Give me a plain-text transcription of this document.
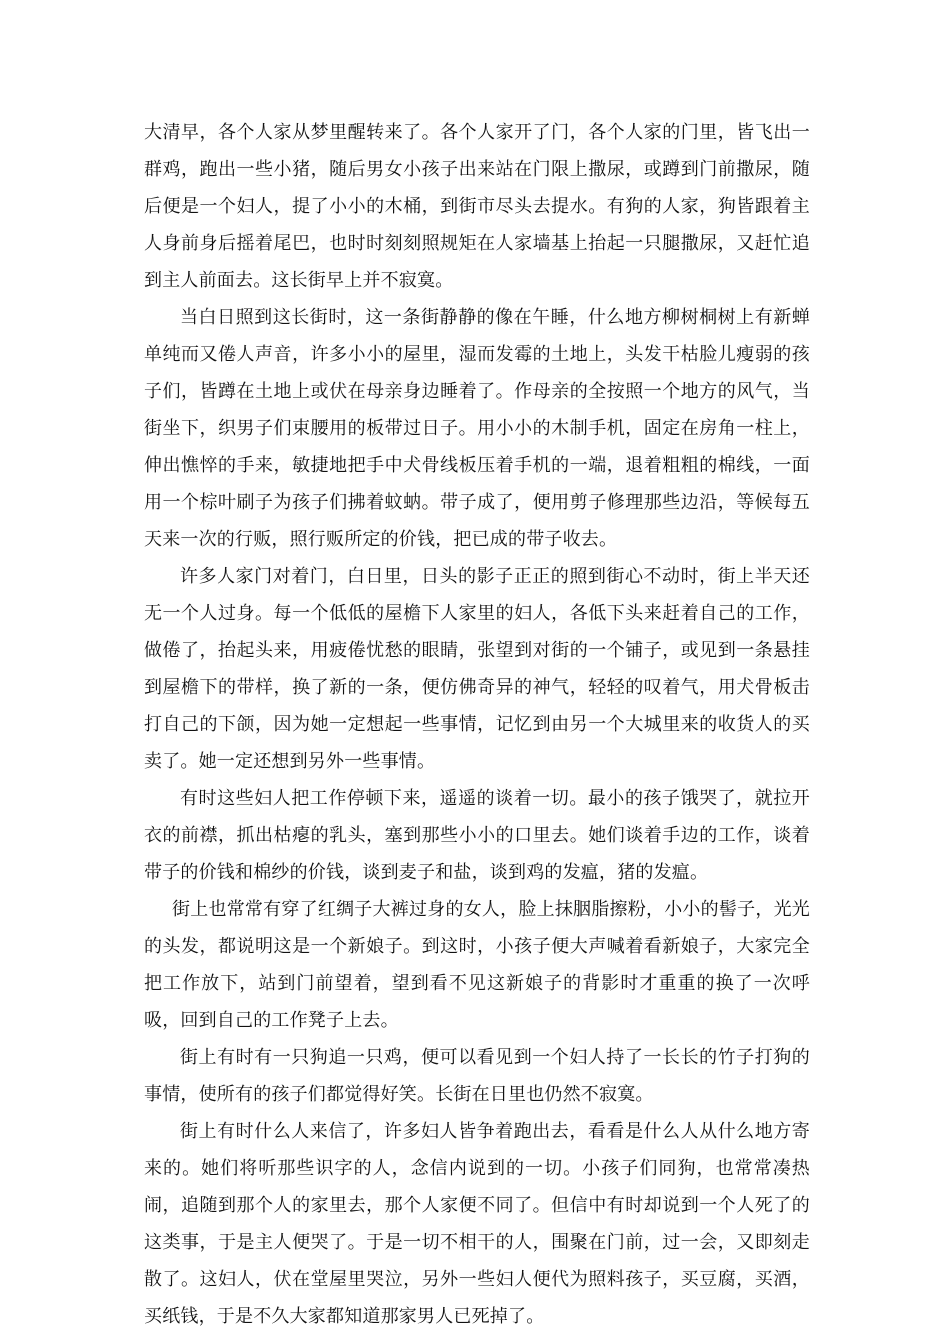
大清早，各个人家从梦里醒转来了。各个人家开了门，各个人家的门里，皆飞出一群鸡，跑出一些小猪，随后男女小孩子出来站在门限上撒尿，或蹲到门前撒尿，随后便是一个妇人，提了小小的木桶，到街市尽头去提水。有狗的人家，狗皆跟着主人身前身后摇着尾巴，也时时刻刻照规矩在人家墙基上抬起一只腿撒尿，又赶忙追到主人前面去。这长街早上并不寂寞。

当白日照到这长街时，这一条街静静的像在午睡，什么地方柳树桐树上有新蝉单纯而又倦人声音，许多小小的屋里，湿而发霉的土地上，头发干枯脸儿瘦弱的孩子们，皆蹲在土地上或伏在母亲身边睡着了。作母亲的全按照一个地方的风气，当街坐下，织男子们束腰用的板带过日子。用小小的木制手机，固定在房角一柱上，伸出憔悴的手来，敏捷地把手中犬骨线板压着手机的一端，退着粗粗的棉线，一面用一个棕叶刷子为孩子们拂着蚊蚋。带子成了，便用剪子修理那些边沿，等候每五天来一次的行贩，照行贩所定的价钱，把已成的带子收去。

许多人家门对着门，白日里，日头的影子正正的照到街心不动时，街上半天还无一个人过身。每一个低低的屋檐下人家里的妇人，各低下头来赶着自己的工作，做倦了，抬起头来，用疲倦忧愁的眼睛，张望到对街的一个铺子，或见到一条悬挂到屋檐下的带样，换了新的一条，便仿佛奇异的神气，轻轻的叹着气，用犬骨板击打自己的下颌，因为她一定想起一些事情，记忆到由另一个大城里来的收货人的买卖了。她一定还想到另外一些事情。

有时这些妇人把工作停顿下来，遥遥的谈着一切。最小的孩子饿哭了，就拉开衣的前襟，抓出枯瘪的乳头，塞到那些小小的口里去。她们谈着手边的工作，谈着带子的价钱和棉纱的价钱，谈到麦子和盐，谈到鸡的发瘟，猪的发瘟。

街上也常常有穿了红绸子大裤过身的女人，脸上抹胭脂擦粉，小小的髻子，光光的头发，都说明这是一个新娘子。到这时，小孩子便大声喊着看新娘子，大家完全把工作放下，站到门前望着，望到看不见这新娘子的背影时才重重的换了一次呼吸，回到自己的工作凳子上去。

街上有时有一只狗追一只鸡，便可以看见到一个妇人持了一长长的竹子打狗的事情，使所有的孩子们都觉得好笑。长街在日里也仍然不寂寞。

街上有时什么人来信了，许多妇人皆争着跑出去，看看是什么人从什么地方寄来的。她们将听那些识字的人，念信内说到的一切。小孩子们同狗，也常常凑热闹，追随到那个人的家里去，那个人家便不同了。但信中有时却说到一个人死了的这类事，于是主人便哭了。于是一切不相干的人，围聚在门前，过一会，又即刻走散了。这妇人，伏在堂屋里哭泣，另外一些妇人便代为照料孩子，买豆腐，买酒，买纸钱，于是不久大家都知道那家男人已死掉了。
